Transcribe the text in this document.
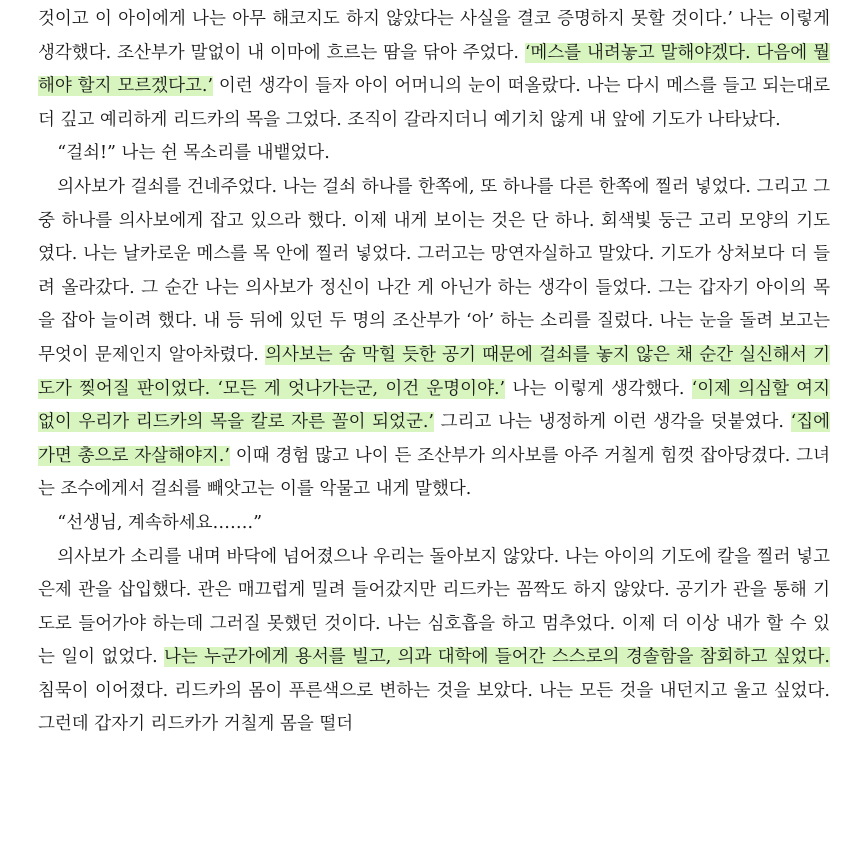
것이고 이 아이에게 나는 아무 해코지도 하지 않았다는 사실을 결코 증명하지 못할 것이다.’ 나는 이렇게 생각했다. 조산부가 말없이 내 이마에 흐르는 땀을 닦아 주었다. ‘메스를 내려놓고 말해야겠다. 다음에 뭘 해야 할지 모르겠다고.’ 이런 생각이 들자 아이 어머니의 눈이 떠올랐다. 나는 다시 메스를 들고 되는대로 더 깊고 예리하게 리드카의 목을 그었다. 조직이 갈라지더니 예기치 않게 내 앞에 기도가 나타났다.

“걸쇠!” 나는 쉰 목소리를 내뱉었다.

의사보가 걸쇠를 건네주었다. 나는 걸쇠 하나를 한쪽에, 또 하나를 다른 한쪽에 찔러 넣었다. 그리고 그중 하나를 의사보에게 잡고 있으라 했다. 이제 내게 보이는 것은 단 하나. 회색빛 둥근 고리 모양의 기도였다. 나는 날카로운 메스를 목 안에 찔러 넣었다. 그러고는 망연자실하고 말았다. 기도가 상처보다 더 들려 올라갔다. 그 순간 나는 의사보가 정신이 나간 게 아닌가 하는 생각이 들었다. 그는 갑자기 아이의 목을 잡아 늘이려 했다. 내 등 뒤에 있던 두 명의 조산부가 ‘아’ 하는 소리를 질렀다. 나는 눈을 돌려 보고는 무엇이 문제인지 알아차렸다. 의사보는 숨 막힐 듯한 공기 때문에 걸쇠를 놓지 않은 채 순간 실신해서 기도가 찢어질 판이었다. ‘모든 게 엇나가는군, 이건 운명이야.’ 나는 이렇게 생각했다. ‘이제 의심할 여지 없이 우리가 리드카의 목을 칼로 자른 꼴이 되었군.’ 그리고 나는 냉정하게 이런 생각을 덧붙였다. ‘집에 가면 총으로 자살해야지.’ 이때 경험 많고 나이 든 조산부가 의사보를 아주 거칠게 힘껏 잡아당겼다. 그녀는 조수에게서 걸쇠를 빼앗고는 이를 악물고 내게 말했다.

“선생님, 계속하세요…….”

의사보가 소리를 내며 바닥에 넘어졌으나 우리는 돌아보지 않았다. 나는 아이의 기도에 칼을 찔러 넣고 은제 관을 삽입했다. 관은 매끄럽게 밀려 들어갔지만 리드카는 꼼짝도 하지 않았다. 공기가 관을 통해 기도로 들어가야 하는데 그러질 못했던 것이다. 나는 심호흡을 하고 멈추었다. 이제 더 이상 내가 할 수 있는 일이 없었다. 나는 누군가에게 용서를 빌고, 의과 대학에 들어간 스스로의 경솔함을 참회하고 싶었다. 침묵이 이어졌다. 리드카의 몸이 푸른색으로 변하는 것을 보았다. 나는 모든 것을 내던지고 울고 싶었다. 그런데 갑자기 리드카가 거칠게 몸을 떨더
